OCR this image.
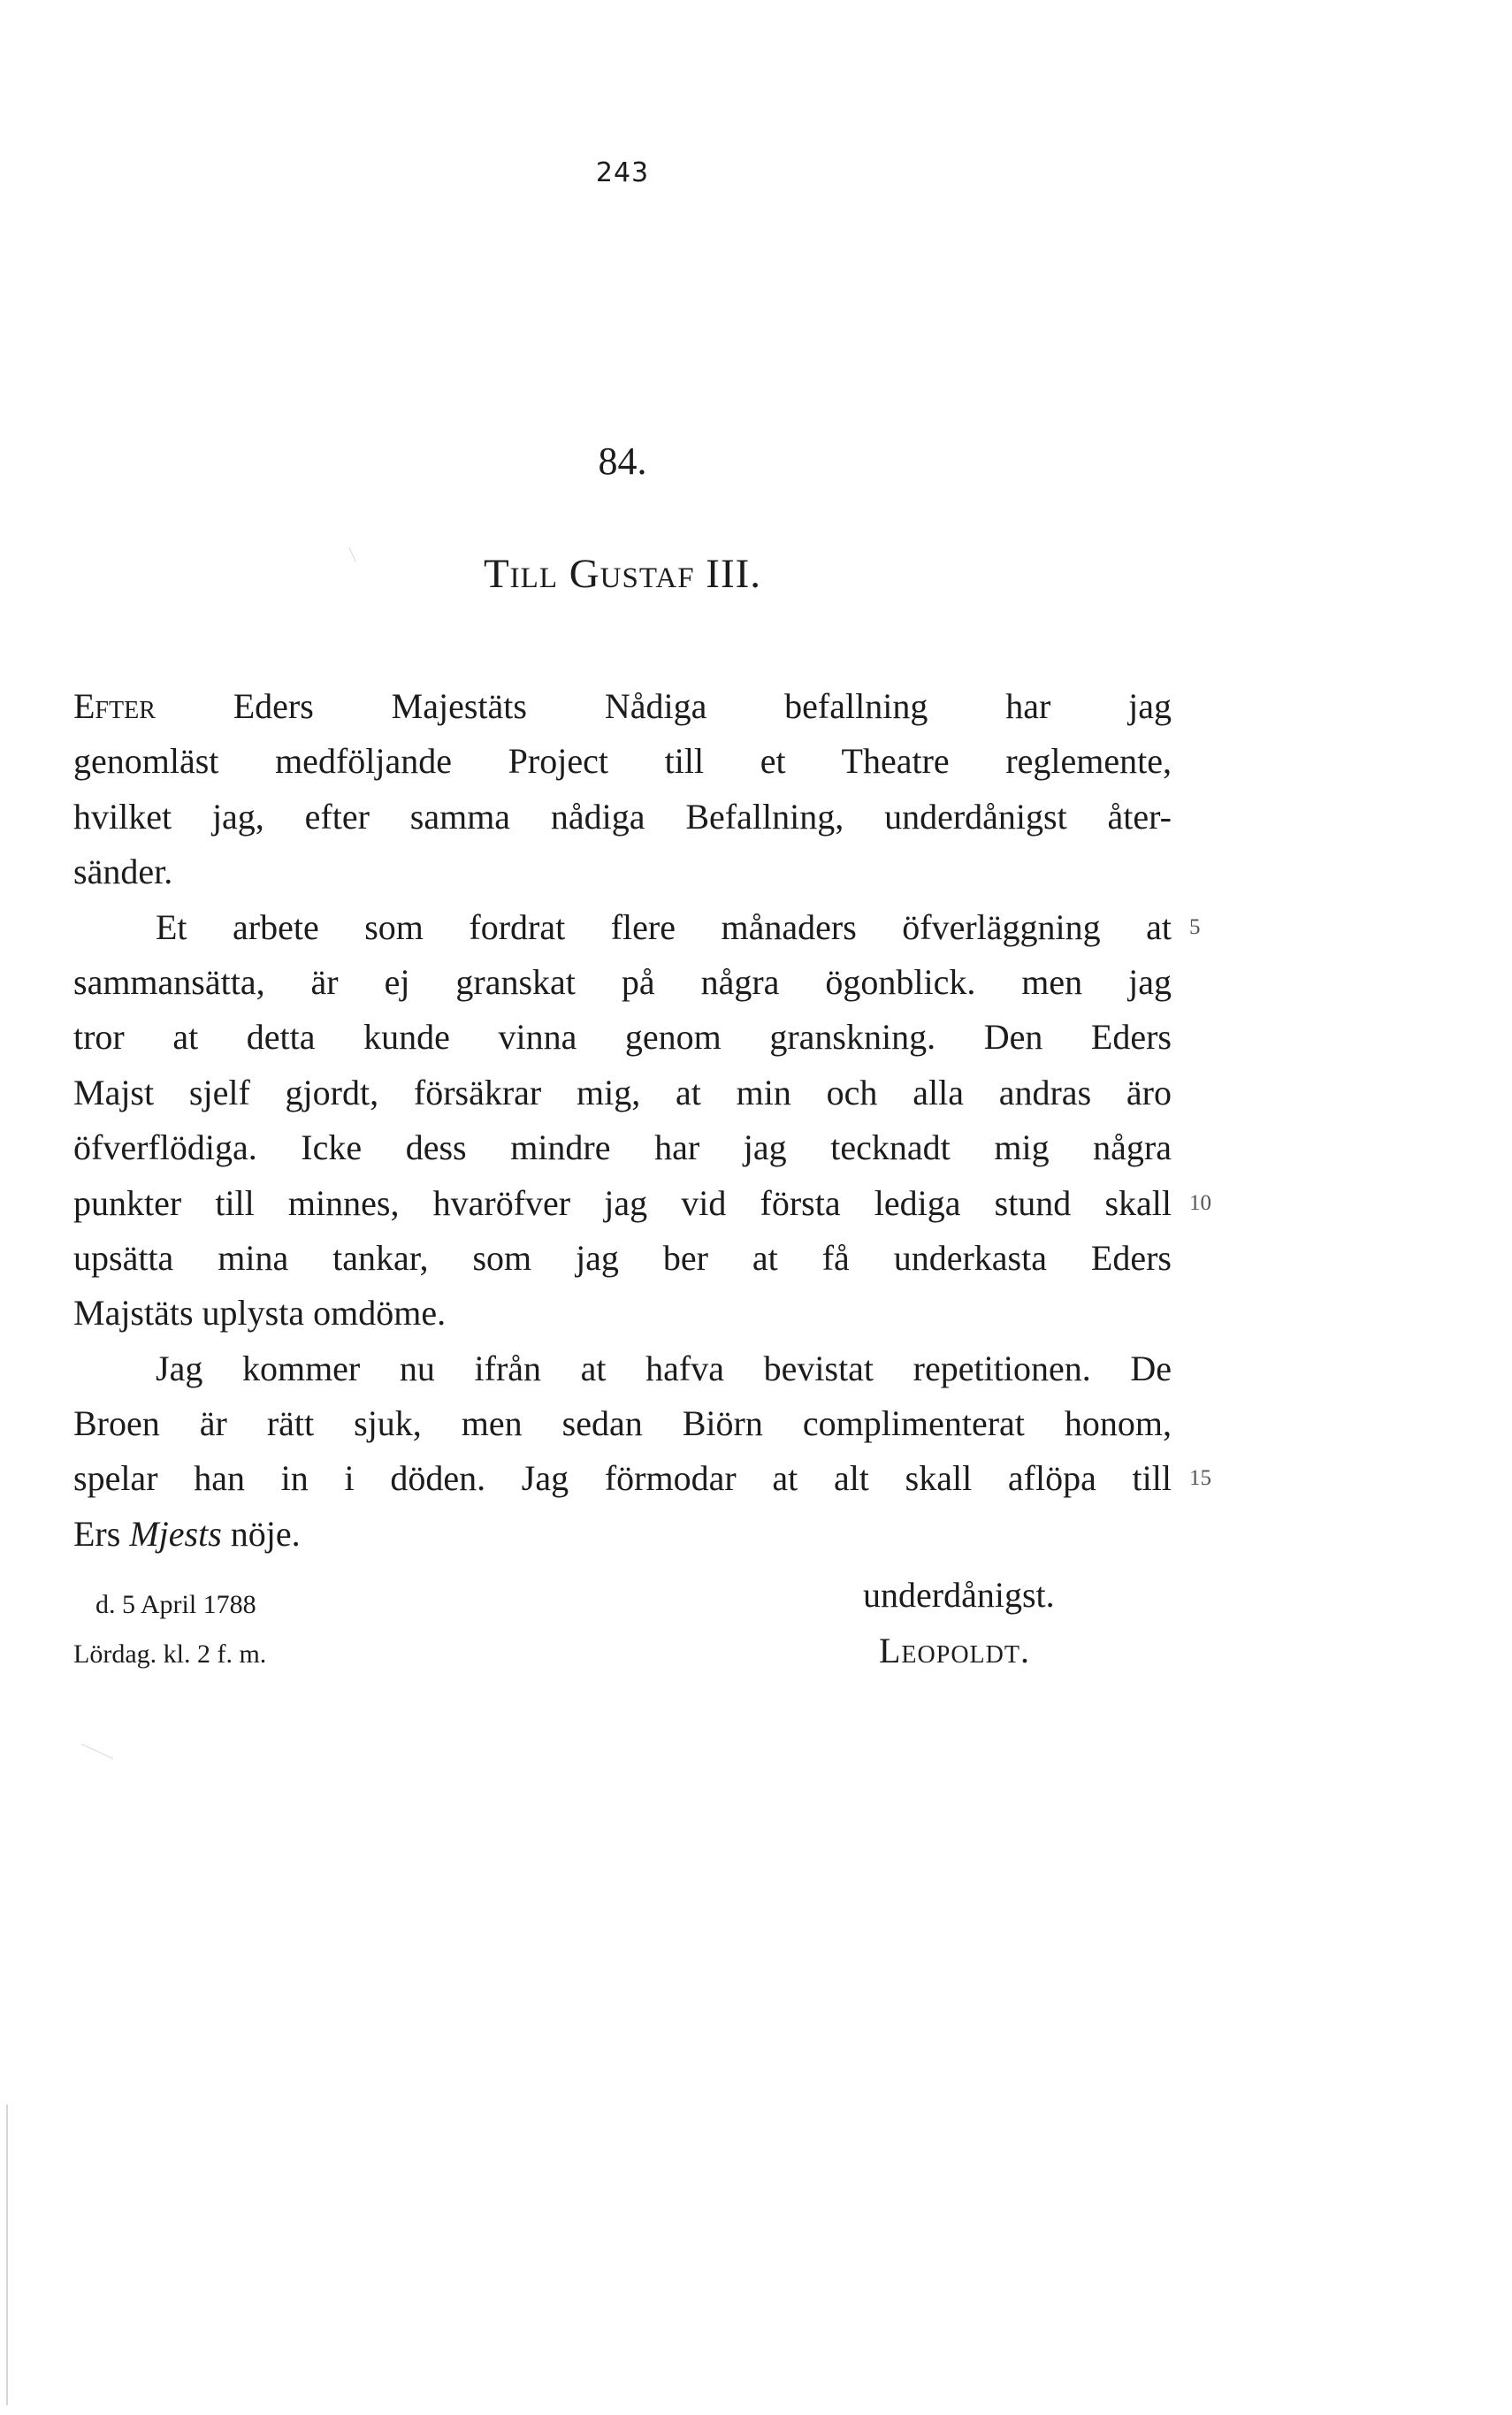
243
84.
Till Gustaf III.
Efter Eders Majestäts Nådiga befallning har jag
genomläst medföljande Project till et Theatre reglemente,
hvilket jag, efter samma nådiga Befallning, underdånigst åter-
sänder.
Et arbete som fordrat flere månaders öfverläggning at 5
sammansätta, är ej granskat på några ögonblick. men jag
tror at detta kunde vinna genom granskning. Den Eders
Majst sjelf gjordt, försäkrar mig, at min och alla andras äro
öfverflödiga. Icke dess mindre har jag tecknadt mig några
punkter till minnes, hvaröfver jag vid första lediga stund skall 10
upsätta mina tankar, som jag ber at få underkasta Eders
Majstäts uplysta omdöme.
Jag kommer nu ifrån at hafva bevistat repetitionen. De
Broen är rätt sjuk, men sedan Biörn complimenterat honom,
spelar han in i döden. Jag förmodar at alt skall aflöpa till 15
Ers Mjests nöje.
d. 5 April 1788
Lördag. kl. 2 f. m.
underdånigst.
Leopoldt.
